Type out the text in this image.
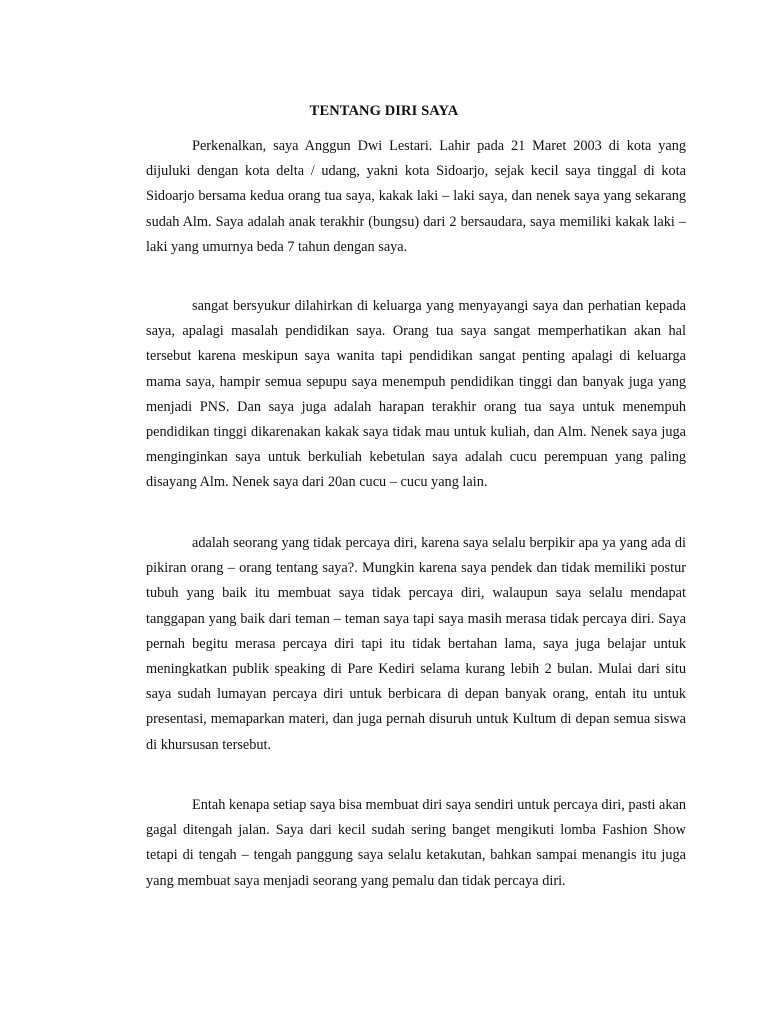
TENTANG DIRI SAYA

Perkenalkan, saya Anggun Dwi Lestari. Lahir pada 21 Maret 2003 di kota yang dijuluki dengan kota delta / udang, yakni kota Sidoarjo, sejak kecil saya tinggal di kota Sidoarjo bersama kedua orang tua saya, kakak laki – laki saya, dan nenek saya yang sekarang sudah Alm. Saya adalah anak terakhir (bungsu) dari 2 bersaudara, saya memiliki kakak laki – laki yang umurnya beda 7 tahun dengan saya.

sangat bersyukur dilahirkan di keluarga yang menyayangi saya dan perhatian kepada saya, apalagi masalah pendidikan saya. Orang tua saya sangat memperhatikan akan hal tersebut karena meskipun saya wanita tapi pendidikan sangat penting apalagi di keluarga mama saya, hampir semua sepupu saya menempuh pendidikan tinggi dan banyak juga yang menjadi PNS. Dan saya juga adalah harapan terakhir orang tua saya untuk menempuh pendidikan tinggi dikarenakan kakak saya tidak mau untuk kuliah, dan Alm. Nenek saya juga menginginkan saya untuk berkuliah kebetulan saya adalah cucu perempuan yang paling disayang Alm. Nenek saya dari 20an cucu – cucu yang lain.

adalah seorang yang tidak percaya diri, karena saya selalu berpikir apa ya yang ada di pikiran orang – orang tentang saya?. Mungkin karena saya pendek dan tidak memiliki postur tubuh yang baik itu membuat saya tidak percaya diri, walaupun saya selalu mendapat tanggapan yang baik dari teman – teman saya tapi saya masih merasa tidak percaya diri. Saya pernah begitu merasa percaya diri tapi itu tidak bertahan lama, saya juga belajar untuk meningkatkan publik speaking di Pare Kediri selama kurang lebih 2 bulan. Mulai dari situ saya sudah lumayan percaya diri untuk berbicara di depan banyak orang, entah itu untuk presentasi, memaparkan materi, dan juga pernah disuruh untuk Kultum di depan semua siswa di khursusan tersebut.

Entah kenapa setiap saya bisa membuat diri saya sendiri untuk percaya diri, pasti akan gagal ditengah jalan. Saya dari kecil sudah sering banget mengikuti lomba Fashion Show tetapi di tengah – tengah panggung saya selalu ketakutan, bahkan sampai menangis itu juga yang membuat saya menjadi seorang yang pemalu dan tidak percaya diri.
